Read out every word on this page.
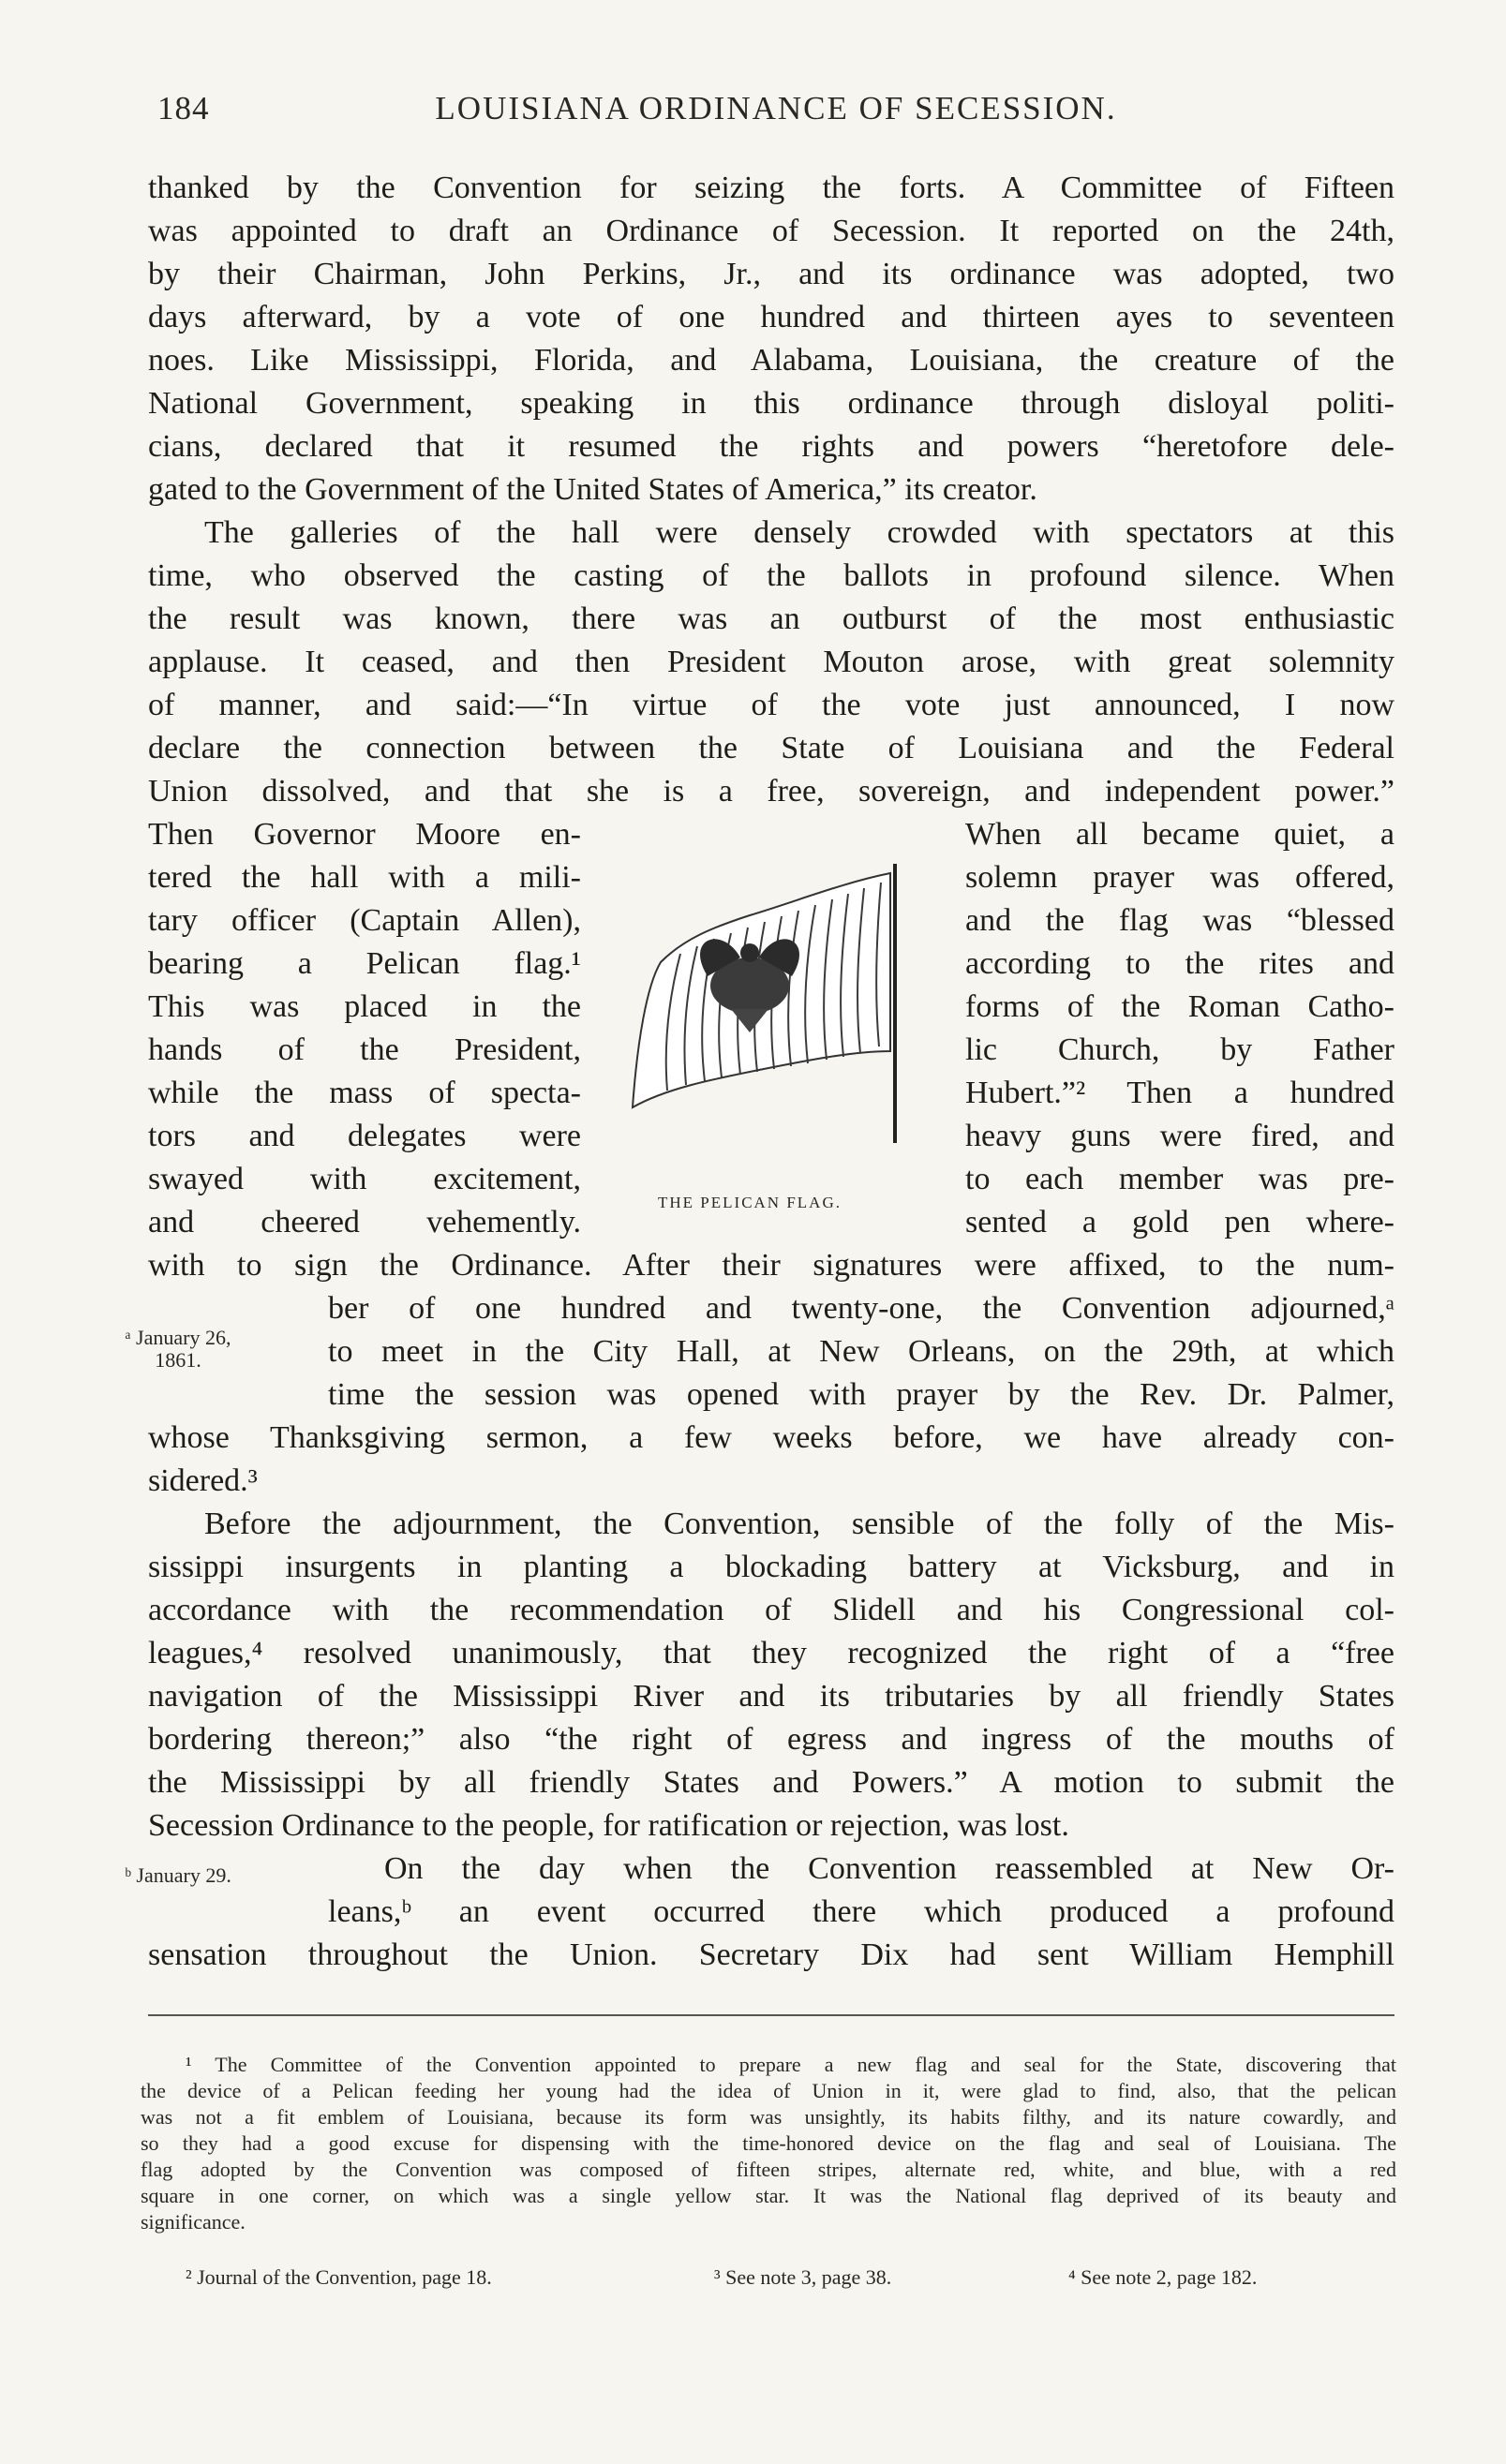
184	LOUISIANA ORDINANCE OF SECESSION.
thanked by the Convention for seizing the forts. A Committee of Fifteen
was appointed to draft an Ordinance of Secession. It reported on the 24th,
by their Chairman, John Perkins, Jr., and its ordinance was adopted, two
days afterward, by a vote of one hundred and thirteen ayes to seventeen
noes. Like Mississippi, Florida, and Alabama, Louisiana, the creature of the
National Government, speaking in this ordinance through disloyal politi-
cians, declared that it resumed the rights and powers “heretofore dele-
gated to the Government of the United States of America,” its creator.
The galleries of the hall were densely crowded with spectators at this
time, who observed the casting of the ballots in profound silence. When
the result was known, there was an outburst of the most enthusiastic
applause. It ceased, and then President Mouton arose, with great solemnity
of manner, and said:—“In virtue of the vote just announced, I now
declare the connection between the State of Louisiana and the Federal
Union dissolved, and that she is a free, sovereign, and independent power.”
Then Governor Moore en-
tered the hall with a mili-
tary officer (Captain Allen),
bearing a Pelican flag.¹
This was placed in the
hands of the President,
while the mass of specta-
tors and delegates were
swayed with excitement,
and cheered vehemently.
When all became quiet, a
solemn prayer was offered,
and the flag was “blessed
according to the rites and
forms of the Roman Catho-
lic Church, by Father
Hubert.”² Then a hundred
heavy guns were fired, and
to each member was pre-
sented a gold pen where-
THE PELICAN FLAG.
with to sign the Ordinance. After their signatures were affixed, to the num-
ber of one hundred and twenty-one, the Convention adjourned,ᵃ
to meet in the City Hall, at New Orleans, on the 29th, at which
time the session was opened with prayer by the Rev. Dr. Palmer,
whose Thanksgiving sermon, a few weeks before, we have already con-
sidered.³
Before the adjournment, the Convention, sensible of the folly of the Mis-
sissippi insurgents in planting a blockading battery at Vicksburg, and in
accordance with the recommendation of Slidell and his Congressional col-
leagues,⁴ resolved unanimously, that they recognized the right of a “free
navigation of the Mississippi River and its tributaries by all friendly States
bordering thereon;” also “the right of egress and ingress of the mouths of
the Mississippi by all friendly States and Powers.” A motion to submit the
Secession Ordinance to the people, for ratification or rejection, was lost.
On the day when the Convention reassembled at New Or-
leans,ᵇ an event occurred there which produced a profound
sensation throughout the Union. Secretary Dix had sent William Hemphill
ᵃ January 26,
1861.
ᵇ January 29.
¹ The Committee of the Convention appointed to prepare a new flag and seal for the State, discovering that
the device of a Pelican feeding her young had the idea of Union in it, were glad to find, also, that the pelican
was not a fit emblem of Louisiana, because its form was unsightly, its habits filthy, and its nature cowardly, and
so they had a good excuse for dispensing with the time-honored device on the flag and seal of Louisiana. The
flag adopted by the Convention was composed of fifteen stripes, alternate red, white, and blue, with a red
square in one corner, on which was a single yellow star. It was the National flag deprived of its beauty and
significance.
² Journal of the Convention, page 18.	³ See note 3, page 38.	⁴ See note 2, page 182.
